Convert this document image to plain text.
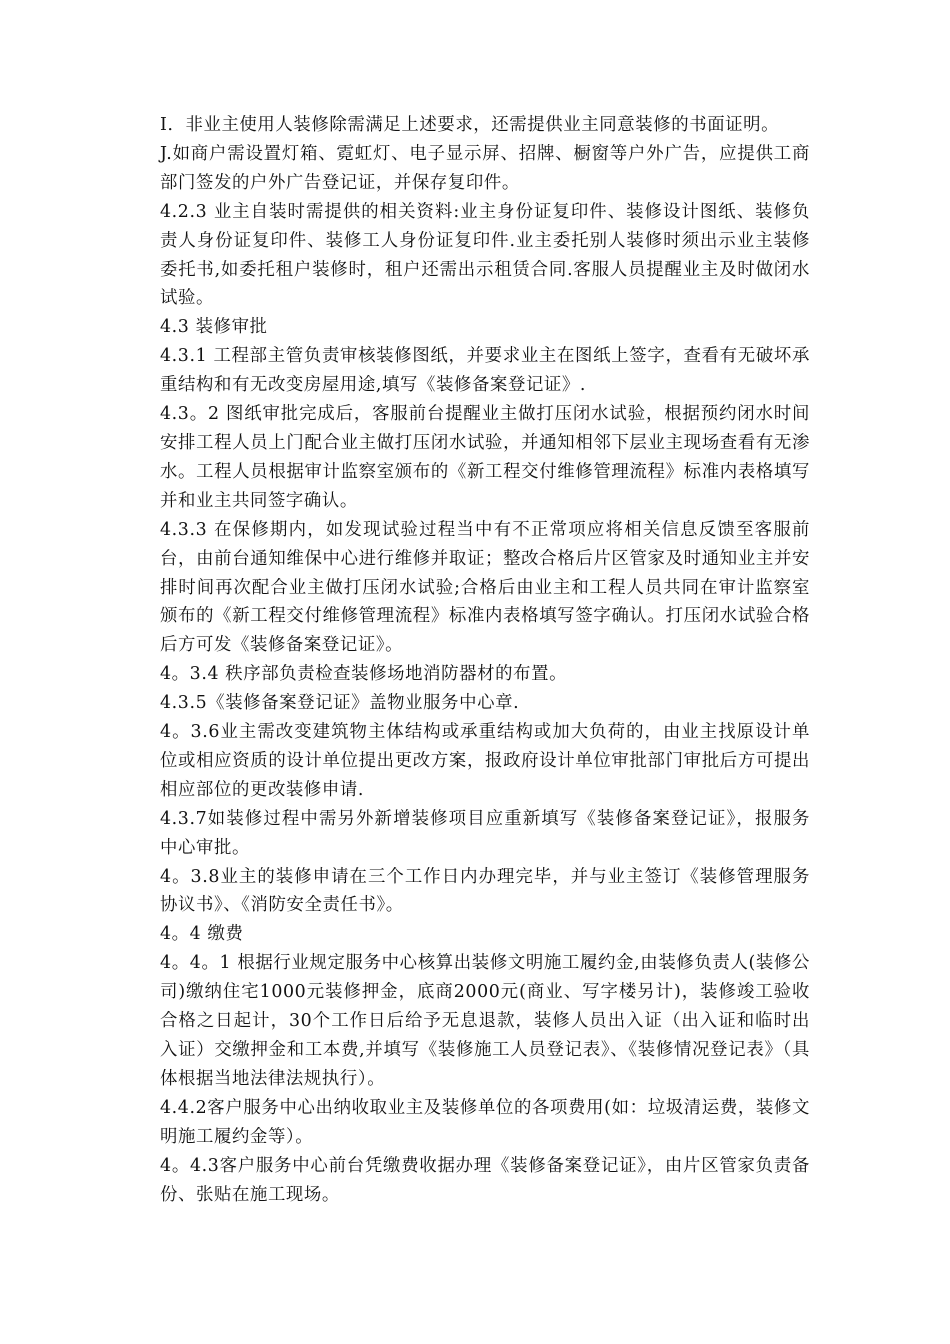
I．非业主使用人装修除需满足上述要求，还需提供业主同意装修的书面证明。

J.如商户需设置灯箱、霓虹灯、电子显示屏、招牌、橱窗等户外广告，应提供工商部门签发的户外广告登记证，并保存复印件。

4.2.3 业主自装时需提供的相关资料:业主身份证复印件、装修设计图纸、装修负责人身份证复印件、装修工人身份证复印件.业主委托别人装修时须出示业主装修委托书,如委托租户装修时，租户还需出示租赁合同.客服人员提醒业主及时做闭水试验。

4.3 装修审批

4.3.1 工程部主管负责审核装修图纸，并要求业主在图纸上签字，查看有无破坏承重结构和有无改变房屋用途,填写《装修备案登记证》.

4.3。2 图纸审批完成后，客服前台提醒业主做打压闭水试验，根据预约闭水时间安排工程人员上门配合业主做打压闭水试验，并通知相邻下层业主现场查看有无渗水。工程人员根据审计监察室颁布的《新工程交付维修管理流程》标准内表格填写并和业主共同签字确认。

4.3.3 在保修期内，如发现试验过程当中有不正常项应将相关信息反馈至客服前台，由前台通知维保中心进行维修并取证；整改合格后片区管家及时通知业主并安排时间再次配合业主做打压闭水试验;合格后由业主和工程人员共同在审计监察室颁布的《新工程交付维修管理流程》标准内表格填写签字确认。打压闭水试验合格后方可发《装修备案登记证》。

4。3.4 秩序部负责检查装修场地消防器材的布置。

4.3.5《装修备案登记证》盖物业服务中心章.

4。3.6业主需改变建筑物主体结构或承重结构或加大负荷的，由业主找原设计单位或相应资质的设计单位提出更改方案，报政府设计单位审批部门审批后方可提出相应部位的更改装修申请.

4.3.7如装修过程中需另外新增装修项目应重新填写《装修备案登记证》，报服务中心审批。

4。3.8业主的装修申请在三个工作日内办理完毕，并与业主签订《装修管理服务协议书》、《消防安全责任书》。

4。4 缴费

4。4。1 根据行业规定服务中心核算出装修文明施工履约金,由装修负责人(装修公司)缴纳住宅1000元装修押金，底商2000元(商业、写字楼另计)，装修竣工验收合格之日起计，30个工作日后给予无息退款，装修人员出入证（出入证和临时出入证）交缴押金和工本费,并填写《装修施工人员登记表》、《装修情况登记表》（具体根据当地法律法规执行）。

4.4.2客户服务中心出纳收取业主及装修单位的各项费用(如：垃圾清运费，装修文明施工履约金等）。

4。4.3客户服务中心前台凭缴费收据办理《装修备案登记证》，由片区管家负责备份、张贴在施工现场。
